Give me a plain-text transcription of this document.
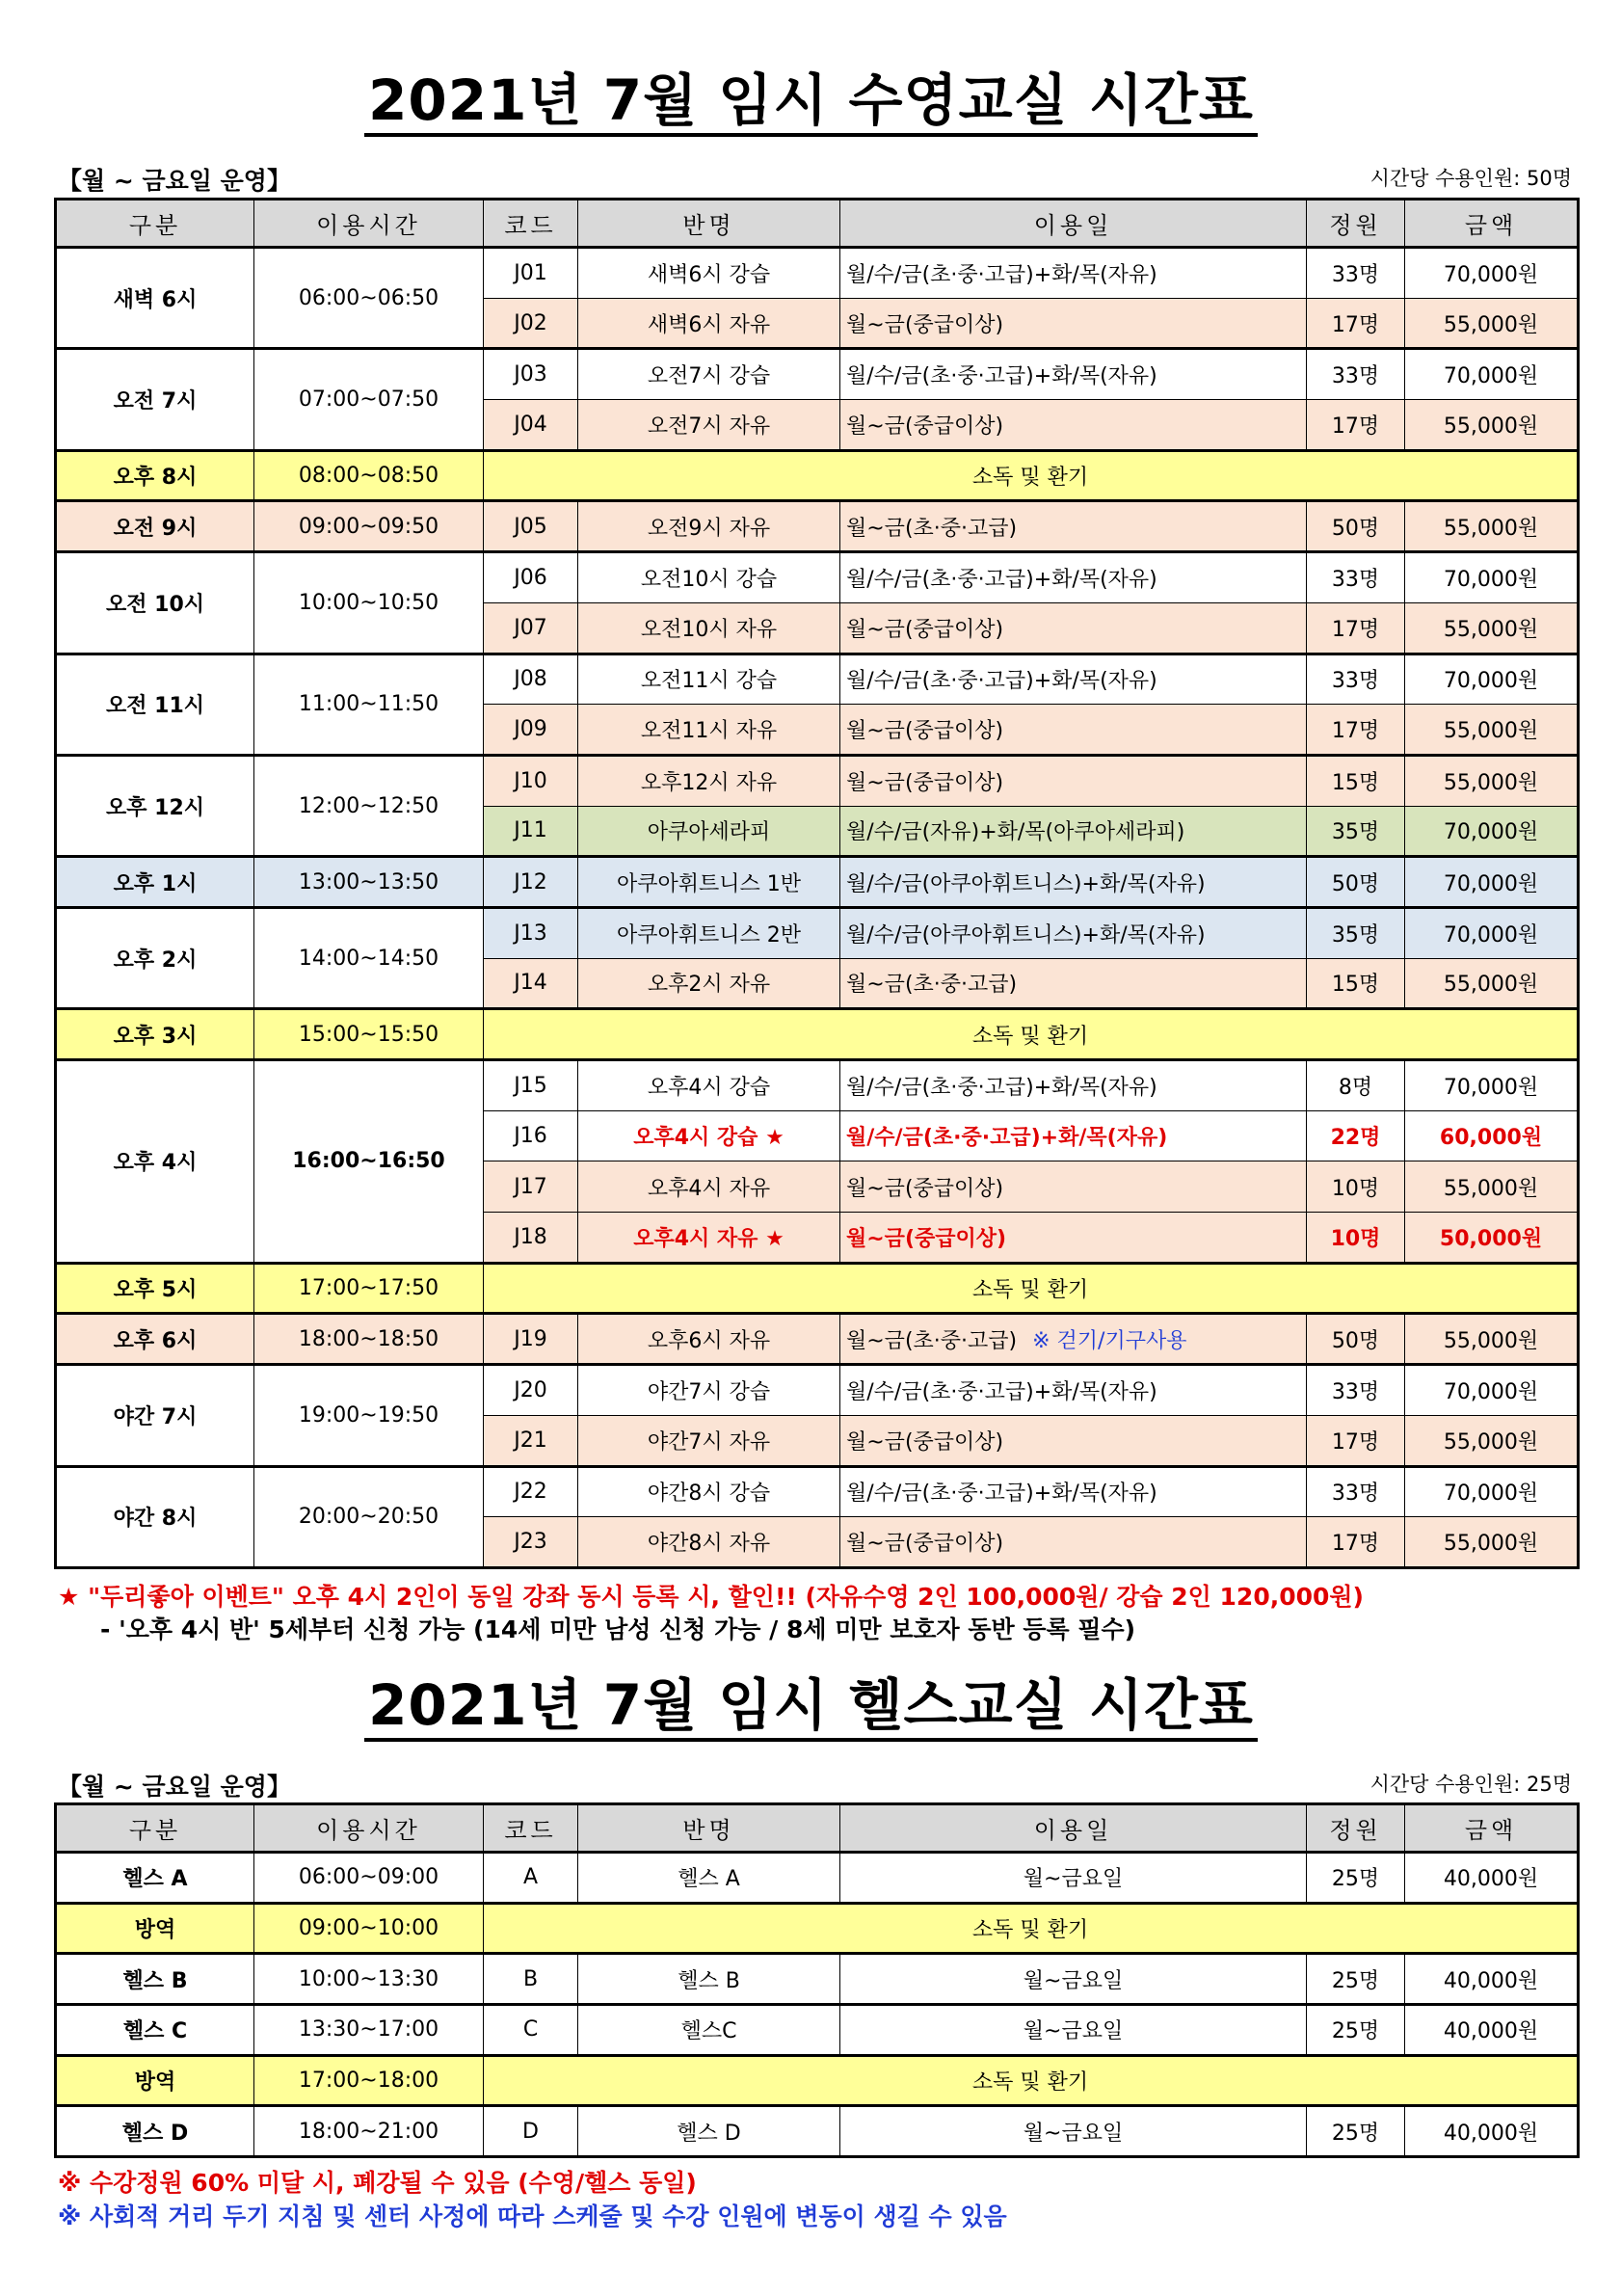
2021년 7월 임시 수영교실 시간표
【월 ~ 금요일 운영】	시간당 수용인원: 50명
구분	이용시간	코드	반명	이용일	정원	금액
새벽 6시	06:00~06:50	J01	새벽6시 강습	월/수/금(초·중·고급)+화/목(자유)	33명	70,000원
		J02	새벽6시 자유	월~금(중급이상)	17명	55,000원
오전 7시	07:00~07:50	J03	오전7시 강습	월/수/금(초·중·고급)+화/목(자유)	33명	70,000원
		J04	오전7시 자유	월~금(중급이상)	17명	55,000원
오후 8시	08:00~08:50	소독 및 환기				
오전 9시	09:00~09:50	J05	오전9시 자유	월~금(초·중·고급)	50명	55,000원
오전 10시	10:00~10:50	J06	오전10시 강습	월/수/금(초·중·고급)+화/목(자유)	33명	70,000원
		J07	오전10시 자유	월~금(중급이상)	17명	55,000원
오전 11시	11:00~11:50	J08	오전11시 강습	월/수/금(초·중·고급)+화/목(자유)	33명	70,000원
		J09	오전11시 자유	월~금(중급이상)	17명	55,000원
오후 12시	12:00~12:50	J10	오후12시 자유	월~금(중급이상)	15명	55,000원
		J11	아쿠아세라피	월/수/금(자유)+화/목(아쿠아세라피)	35명	70,000원
오후 1시	13:00~13:50	J12	아쿠아휘트니스 1반	월/수/금(아쿠아휘트니스)+화/목(자유)	50명	70,000원
오후 2시	14:00~14:50	J13	아쿠아휘트니스 2반	월/수/금(아쿠아휘트니스)+화/목(자유)	35명	70,000원
		J14	오후2시 자유	월~금(초·중·고급)	15명	55,000원
오후 3시	15:00~15:50	소독 및 환기				
오후 4시	16:00~16:50	J15	오후4시 강습	월/수/금(초·중·고급)+화/목(자유)	8명	70,000원
		J16	오후4시 강습 ★	월/수/금(초·중·고급)+화/목(자유)	22명	60,000원
		J17	오후4시 자유	월~금(중급이상)	10명	55,000원
		J18	오후4시 자유 ★	월~금(중급이상)	10명	50,000원
오후 5시	17:00~17:50	소독 및 환기				
오후 6시	18:00~18:50	J19	오후6시 자유	월~금(초·중·고급) ※ 걷기/기구사용	50명	55,000원
야간 7시	19:00~19:50	J20	야간7시 강습	월/수/금(초·중·고급)+화/목(자유)	33명	70,000원
		J21	야간7시 자유	월~금(중급이상)	17명	55,000원
야간 8시	20:00~20:50	J22	야간8시 강습	월/수/금(초·중·고급)+화/목(자유)	33명	70,000원
		J23	야간8시 자유	월~금(중급이상)	17명	55,000원
★ "두리좋아 이벤트" 오후 4시 2인이 동일 강좌 동시 등록 시, 할인!! (자유수영 2인 100,000원/ 강습 2인 120,000원)
- '오후 4시 반' 5세부터 신청 가능 (14세 미만 남성 신청 가능 / 8세 미만 보호자 동반 등록 필수)
2021년 7월 임시 헬스교실 시간표
【월 ~ 금요일 운영】	시간당 수용인원: 25명
구분	이용시간	코드	반명	이용일	정원	금액
헬스 A	06:00~09:00	A	헬스 A	월~금요일	25명	40,000원
방역	09:00~10:00	소독 및 환기				
헬스 B	10:00~13:30	B	헬스 B	월~금요일	25명	40,000원
헬스 C	13:30~17:00	C	헬스C	월~금요일	25명	40,000원
방역	17:00~18:00	소독 및 환기				
헬스 D	18:00~21:00	D	헬스 D	월~금요일	25명	40,000원
※ 수강정원 60% 미달 시, 폐강될 수 있음 (수영/헬스 동일)
※ 사회적 거리 두기 지침 및 센터 사정에 따라 스케줄 및 수강 인원에 변동이 생길 수 있음
